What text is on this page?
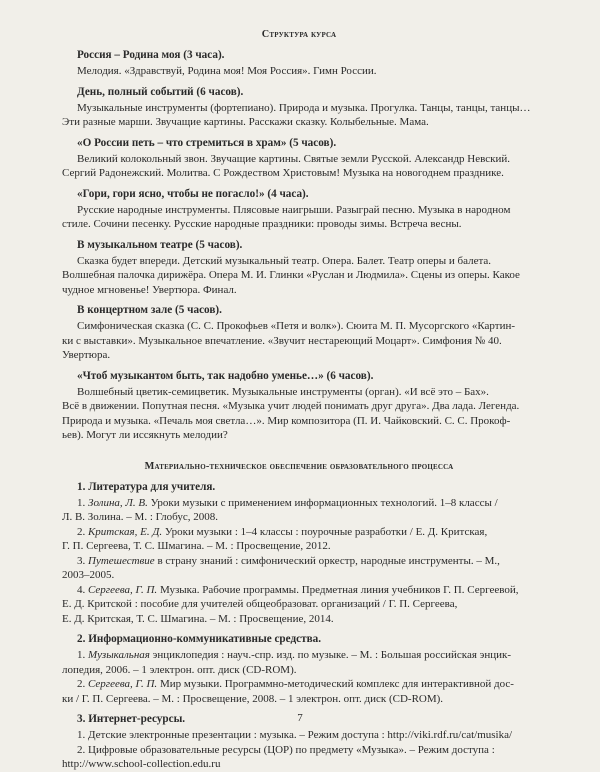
Структура курса
Россия – Родина моя (3 часа).
Мелодия. «Здравствуй, Родина моя! Моя Россия». Гимн России.
День, полный событий (6 часов).
Музыкальные инструменты (фортепиано). Природа и музыка. Прогулка. Танцы, танцы, танцы…
Эти разные марши. Звучащие картины. Расскажи сказку. Колыбельные. Мама.
«О России петь – что стремиться в храм» (5 часов).
Великий колокольный звон. Звучащие картины. Святые земли Русской. Александр Невский.
Сергий Радонежский. Молитва. С Рождеством Христовым! Музыка на новогоднем празднике.
«Гори, гори ясно, чтобы не погасло!» (4 часа).
Русские народные инструменты. Плясовые наигрыши. Разыграй песню. Музыка в народном
стиле. Сочини песенку. Русские народные праздники: проводы зимы. Встреча весны.
В музыкальном театре (5 часов).
Сказка будет впереди. Детский музыкальный театр. Опера. Балет. Театр оперы и балета.
Волшебная палочка дирижёра. Опера М. И. Глинки «Руслан и Людмила». Сцены из оперы. Какое
чудное мгновенье! Увертюра. Финал.
В концертном зале (5 часов).
Симфоническая сказка (С. С. Прокофьев «Петя и волк»). Сюита М. П. Мусоргского «Картин-
ки с выставки». Музыкальное впечатление. «Звучит нестареющий Моцарт». Симфония № 40.
Увертюра.
«Чтоб музыкантом быть, так надобно уменье…» (6 часов).
Волшебный цветик-семицветик. Музыкальные инструменты (орган). «И всё это – Бах».
Всё в движении. Попутная песня. «Музыка учит людей понимать друг друга». Два лада. Легенда.
Природа и музыка. «Печаль моя светла…». Мир композитора (П. И. Чайковский. С. С. Прокоф-
ьев). Могут ли иссякнуть мелодии?
Материально-техническое обеспечение образовательного процесса
1. Литература для учителя.
1. Золина, Л. В. Уроки музыки с применением информационных технологий. 1–8 классы /
Л. В. Золина. – М. : Глобус, 2008.
2. Критская, Е. Д. Уроки музыки : 1–4 классы : поурочные разработки / Е. Д. Критская,
Г. П. Сергеева, Т. С. Шмагина. – М. : Просвещение, 2012.
3. Путешествие в страну знаний : симфонический оркестр, народные инструменты. – М.,
2003–2005.
4. Сергеева, Г. П. Музыка. Рабочие программы. Предметная линия учебников Г. П. Сергеевой,
Е. Д. Критской : пособие для учителей общеобразоват. организаций / Г. П. Сергеева,
Е. Д. Критская, Т. С. Шмагина. – М. : Просвещение, 2014.
2. Информационно-коммуникативные средства.
1. Музыкальная энциклопедия : науч.-спр. изд. по музыке. – М. : Большая российская энцик-
лопедия, 2006. – 1 электрон. опт. диск (CD-ROM).
2. Сергеева, Г. П. Мир музыки. Программно-методический комплекс для интерактивной дос-
ки / Г. П. Сергеева. – М. : Просвещение, 2008. – 1 электрон. опт. диск (CD-ROM).
3. Интернет-ресурсы.
1. Детские электронные презентации : музыка. – Режим доступа : http://viki.rdf.ru/cat/musika/
2. Цифровые образовательные ресурсы (ЦОР) по предмету «Музыка». – Режим доступа :
http://www.school-collection.edu.ru
7
